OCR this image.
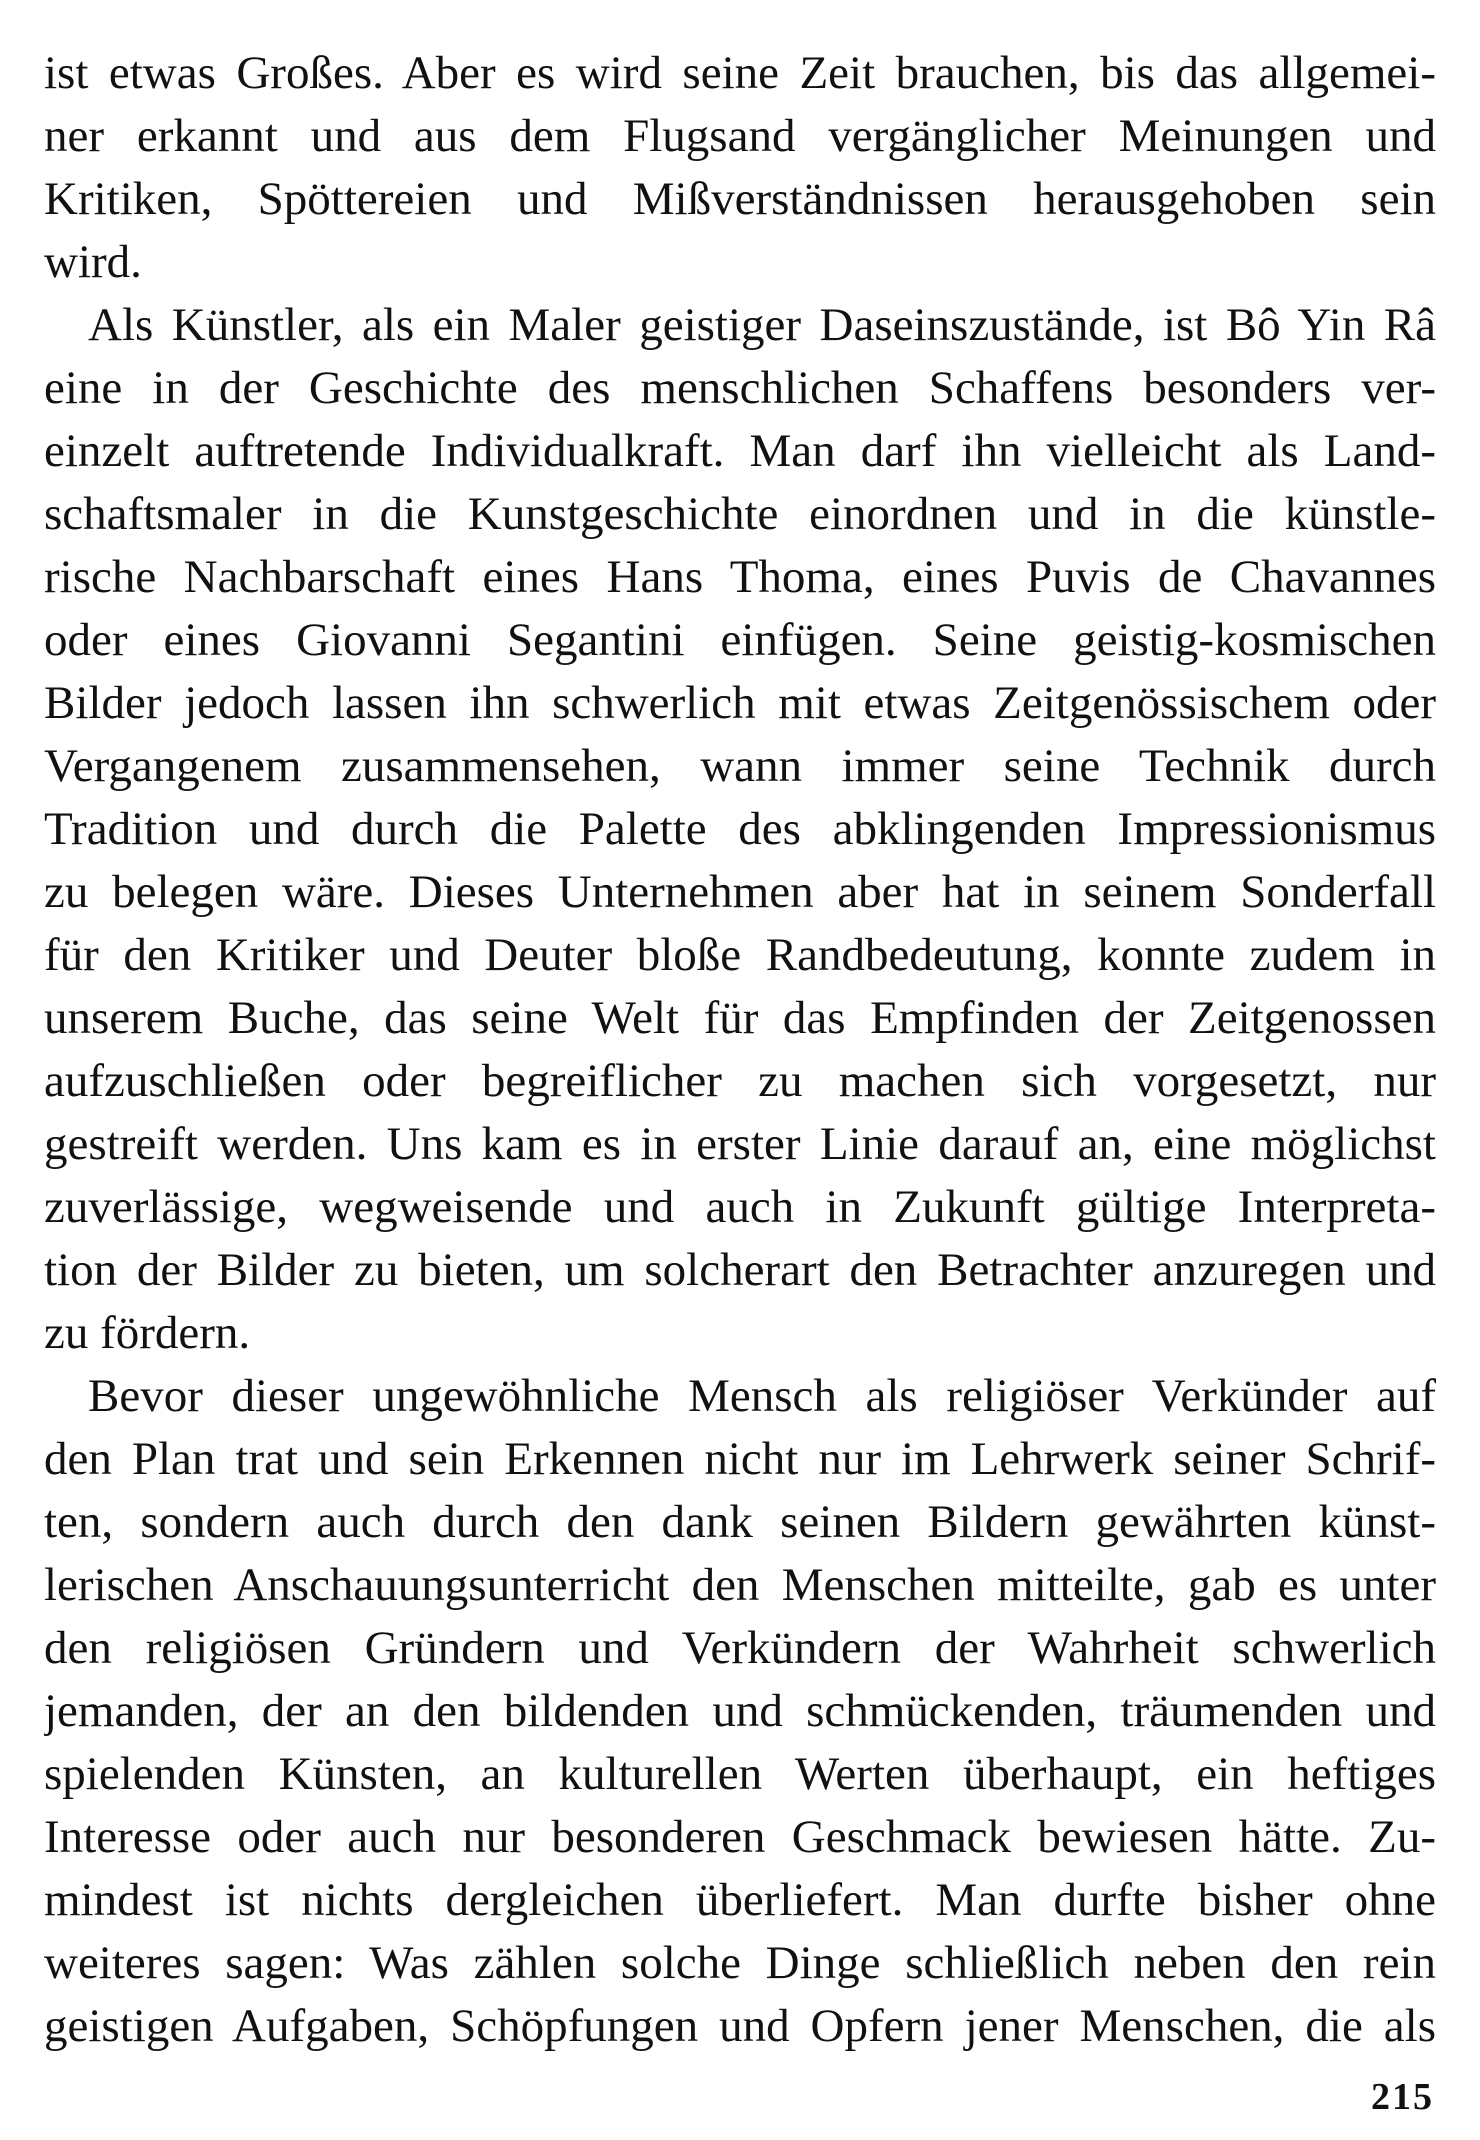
ist etwas Großes. Aber es wird seine Zeit brauchen, bis das allgemei-
ner erkannt und aus dem Flugsand vergänglicher Meinungen und
Kritiken, Spöttereien und Mißverständnissen herausgehoben sein
wird.
Als Künstler, als ein Maler geistiger Daseinszustände, ist Bô Yin Râ
eine in der Geschichte des menschlichen Schaffens besonders ver-
einzelt auftretende Individualkraft. Man darf ihn vielleicht als Land-
schaftsmaler in die Kunstgeschichte einordnen und in die künstle-
rische Nachbarschaft eines Hans Thoma, eines Puvis de Chavannes
oder eines Giovanni Segantini einfügen. Seine geistig-kosmischen
Bilder jedoch lassen ihn schwerlich mit etwas Zeitgenössischem oder
Vergangenem zusammensehen, wann immer seine Technik durch
Tradition und durch die Palette des abklingenden Impressionismus
zu belegen wäre. Dieses Unternehmen aber hat in seinem Sonderfall
für den Kritiker und Deuter bloße Randbedeutung, konnte zudem in
unserem Buche, das seine Welt für das Empfinden der Zeitgenossen
aufzuschließen oder begreiflicher zu machen sich vorgesetzt, nur
gestreift werden. Uns kam es in erster Linie darauf an, eine möglichst
zuverlässige, wegweisende und auch in Zukunft gültige Interpreta-
tion der Bilder zu bieten, um solcherart den Betrachter anzuregen und
zu fördern.
Bevor dieser ungewöhnliche Mensch als religiöser Verkünder auf
den Plan trat und sein Erkennen nicht nur im Lehrwerk seiner Schrif-
ten, sondern auch durch den dank seinen Bildern gewährten künst-
lerischen Anschauungsunterricht den Menschen mitteilte, gab es unter
den religiösen Gründern und Verkündern der Wahrheit schwerlich
jemanden, der an den bildenden und schmückenden, träumenden und
spielenden Künsten, an kulturellen Werten überhaupt, ein heftiges
Interesse oder auch nur besonderen Geschmack bewiesen hätte. Zu-
mindest ist nichts dergleichen überliefert. Man durfte bisher ohne
weiteres sagen: Was zählen solche Dinge schließlich neben den rein
geistigen Aufgaben, Schöpfungen und Opfern jener Menschen, die als
215
